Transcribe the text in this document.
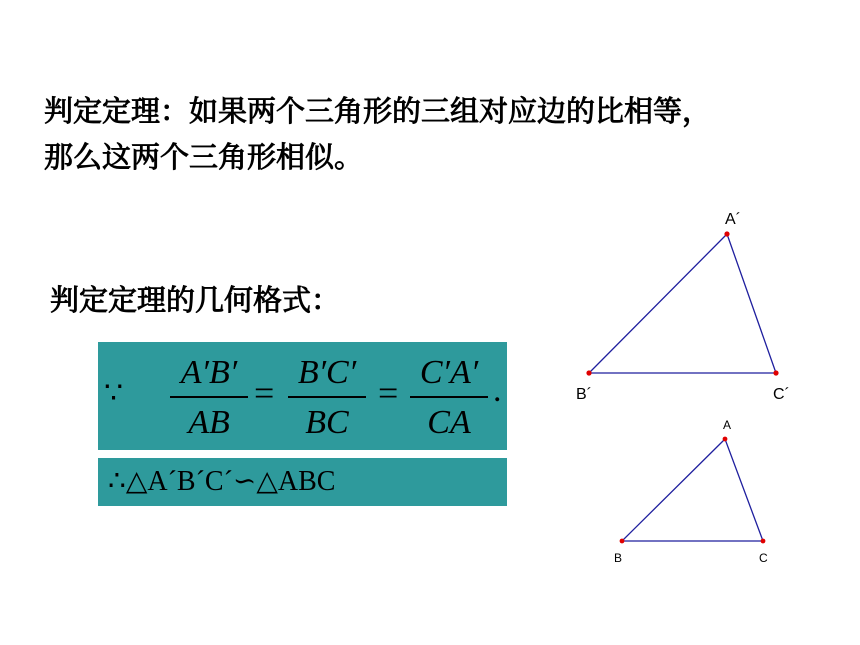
判定定理：如果两个三角形的三组对应边的比相等，
那么这两个三角形相似。
判定定理的几何格式：
∵
A′B′
AB
=
B′C′
BC
=
C′A′
CA
.
∴△A´B´C´∽△ABC
A´
B´	C´
A
B	C
